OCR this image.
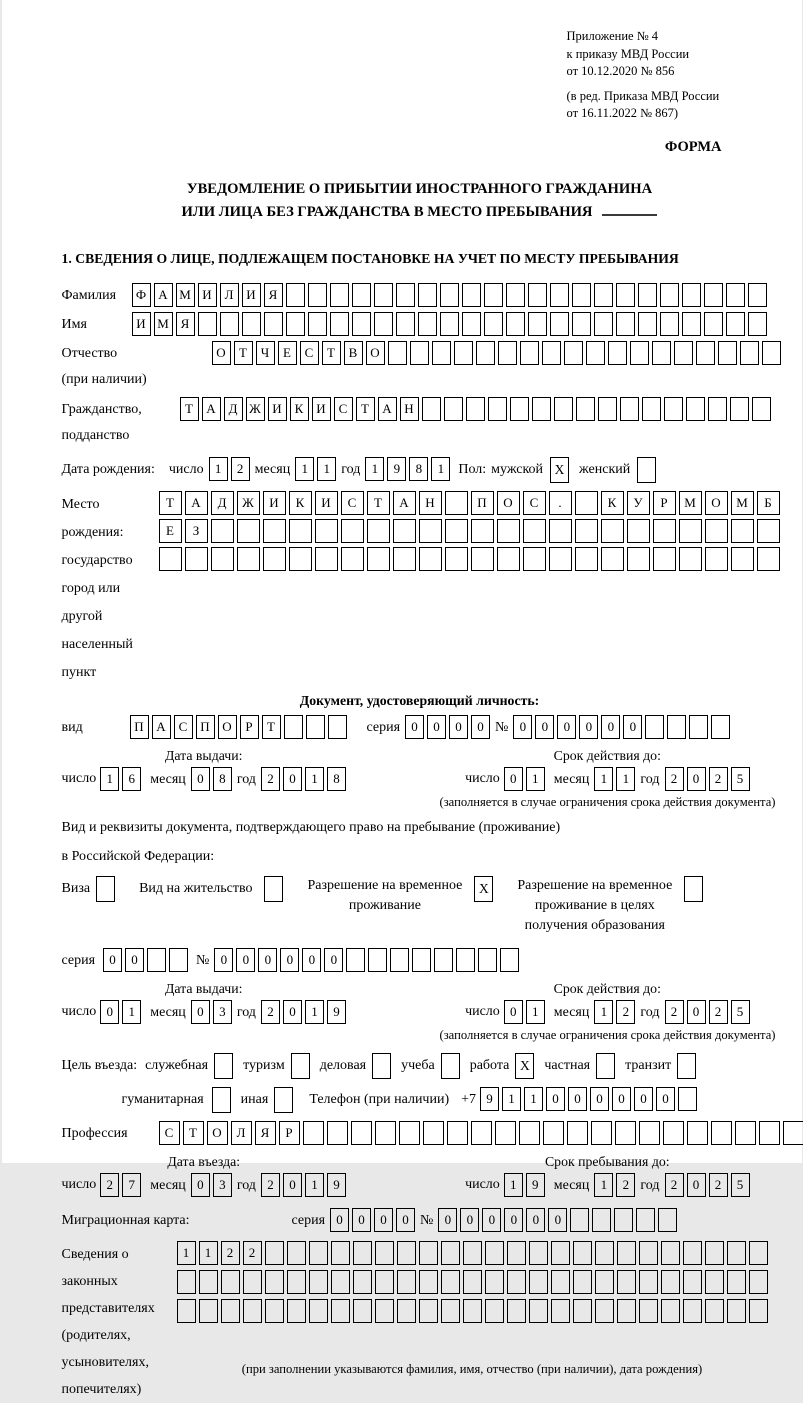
Приложение № 4
к приказу МВД России
от 10.12.2020 № 856
(в ред. Приказа МВД России
от 16.11.2022 № 867)
ФОРМА
УВЕДОМЛЕНИЕ О ПРИБЫТИИ ИНОСТРАННОГО ГРАЖДАНИНА
ИЛИ ЛИЦА БЕЗ ГРАЖДАНСТВА В МЕСТО ПРЕБЫВАНИЯ
1. СВЕДЕНИЯ О ЛИЦЕ, ПОДЛЕЖАЩЕМ ПОСТАНОВКЕ НА УЧЕТ ПО МЕСТУ ПРЕБЫВАНИЯ
Фамилия	Ф А М И Л И Я
Имя	И М Я
Отчество
(при наличии)
О	Т	Ч	Е	С	Т	В О
Гражданство,
подданство
Т	А Д Ж И К И С	Т	А Н
Дата рождения: число 1	2 месяц 1	1 год 1	9	8	1	Пол: мужской X	женский
Место рождения:
государство
город или другой
населенный пункт
Т	А	Д	Ж	И	К	И	С	Т	А	Н	П	О	С	.	К	У	Р	М	О	М	Б
Е	З
Документ, удостоверяющий личность:
вид	П А С П О	Р	Т	серия 0	0	0	0 № 0	0	0	0	0	0
Дата выдачи:
число 1	6	месяц 0	8 год 2	0	1	8
Срок действия до:
число 0	1	месяц 1	1 год 2	0	2	5
(заполняется в случае ограничения срока действия документа)
Вид и реквизиты документа, подтверждающего право на пребывание (проживание)
в Российской Федерации:
Виза	Вид на жительство	Разрешение на временное
проживание
X	Разрешение на временное
проживание в целях
получения образования
серия	0	0	№ 0	0	0	0	0	0
Дата выдачи:
число 0	1	месяц 0	3 год 2	0	1	9
Срок действия до:
число 0	1	месяц 1	2 год 2	0	2	5
(заполняется в случае ограничения срока действия документа)
Цель въезда: служебная	туризм	деловая	учеба	работа X	частная	транзит
гуманитарная	иная	Телефон (при наличии) +7 9	1	1	0	0	0	0	0	0
Профессия	С	Т	О	Л	Я	Р
Дата въезда:
число 2	7	месяц 0	3 год 2	0	1	9
Срок пребывания до:
число 1	9	месяц 1	2 год 2	0	2	5
Миграционная карта:	серия 0	0	0	0 № 0	0	0	0	0	0
Сведения о
законных
представителях
(родителях,
усыновителях,
попечителях)
1	1	2	2
(при заполнении указываются фамилия, имя, отчество (при наличии), дата рождения)
